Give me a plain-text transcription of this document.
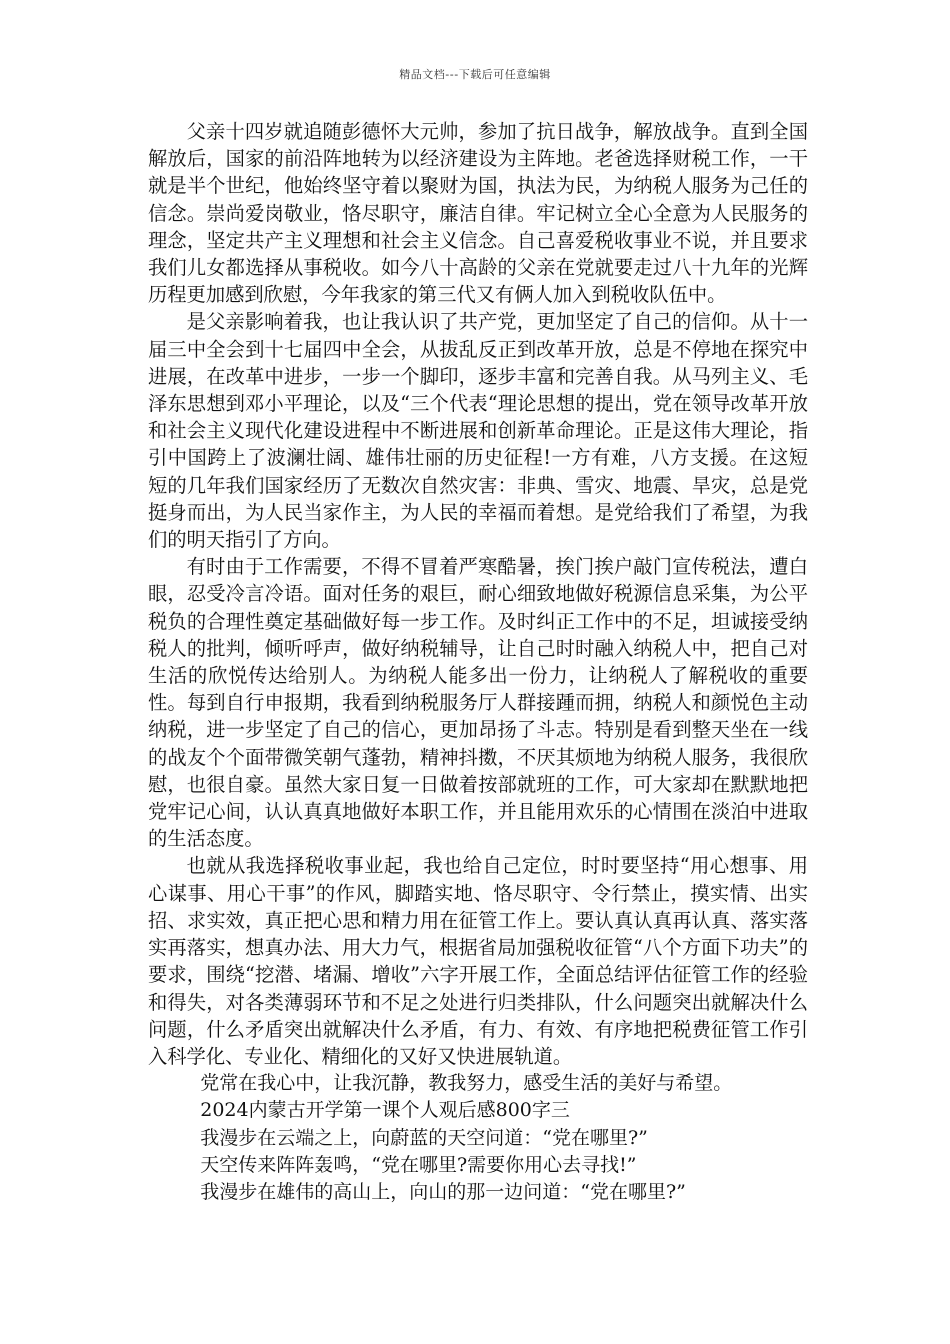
精品文档---下载后可任意编辑

父亲十四岁就追随彭德怀大元帅，参加了抗日战争，解放战争。直到全国解放后，国家的前沿阵地转为以经济建设为主阵地。老爸选择财税工作，一干就是半个世纪，他始终坚守着以聚财为国，执法为民，为纳税人服务为己任的信念。崇尚爱岗敬业，恪尽职守，廉洁自律。牢记树立全心全意为人民服务的理念，坚定共产主义理想和社会主义信念。自己喜爱税收事业不说，并且要求我们儿女都选择从事税收。如今八十高龄的父亲在党就要走过八十九年的光辉历程更加感到欣慰，今年我家的第三代又有俩人加入到税收队伍中。

是父亲影响着我，也让我认识了共产党，更加坚定了自己的信仰。从十一届三中全会到十七届四中全会，从拔乱反正到改革开放，总是不停地在探究中进展，在改革中进步，一步一个脚印，逐步丰富和完善自我。从马列主义、毛泽东思想到邓小平理论，以及“三个代表“理论思想的提出，党在领导改革开放和社会主义现代化建设进程中不断进展和创新革命理论。正是这伟大理论，指引中国跨上了波澜壮阔、雄伟壮丽的历史征程!一方有难，八方支援。在这短短的几年我们国家经历了无数次自然灾害：非典、雪灾、地震、旱灾，总是党挺身而出，为人民当家作主，为人民的幸福而着想。是党给我们了希望，为我们的明天指引了方向。

有时由于工作需要，不得不冒着严寒酷暑，挨门挨户敲门宣传税法，遭白眼，忍受冷言冷语。面对任务的艰巨，耐心细致地做好税源信息采集，为公平税负的合理性奠定基础做好每一步工作。及时纠正工作中的不足，坦诚接受纳税人的批判，倾听呼声，做好纳税辅导，让自己时时融入纳税人中，把自己对生活的欣悦传达给别人。为纳税人能多出一份力，让纳税人了解税收的重要性。每到自行申报期，我看到纳税服务厅人群接踵而拥，纳税人和颜悦色主动纳税，进一步坚定了自己的信心，更加昂扬了斗志。特别是看到整天坐在一线的战友个个面带微笑朝气蓬勃，精神抖擞，不厌其烦地为纳税人服务，我很欣慰，也很自豪。虽然大家日复一日做着按部就班的工作，可大家却在默默地把党牢记心间，认认真真地做好本职工作，并且能用欢乐的心情围在淡泊中进取的生活态度。

也就从我选择税收事业起，我也给自己定位，时时要坚持“用心想事、用心谋事、用心干事”的作风，脚踏实地、恪尽职守、令行禁止，摸实情、出实招、求实效，真正把心思和精力用在征管工作上。要认真认真再认真、落实落实再落实，想真办法、用大力气，根据省局加强税收征管“八个方面下功夫”的要求，围绕“挖潜、堵漏、增收”六字开展工作，全面总结评估征管工作的经验和得失，对各类薄弱环节和不足之处进行归类排队，什么问题突出就解决什么问题，什么矛盾突出就解决什么矛盾，有力、有效、有序地把税费征管工作引入科学化、专业化、精细化的又好又快进展轨道。

党常在我心中，让我沉静，教我努力，感受生活的美好与希望。

2024内蒙古开学第一课个人观后感800字三

我漫步在云端之上，向蔚蓝的天空问道：“党在哪里?”

天空传来阵阵轰鸣，“党在哪里?需要你用心去寻找!”

我漫步在雄伟的高山上，向山的那一边问道：“党在哪里?”
